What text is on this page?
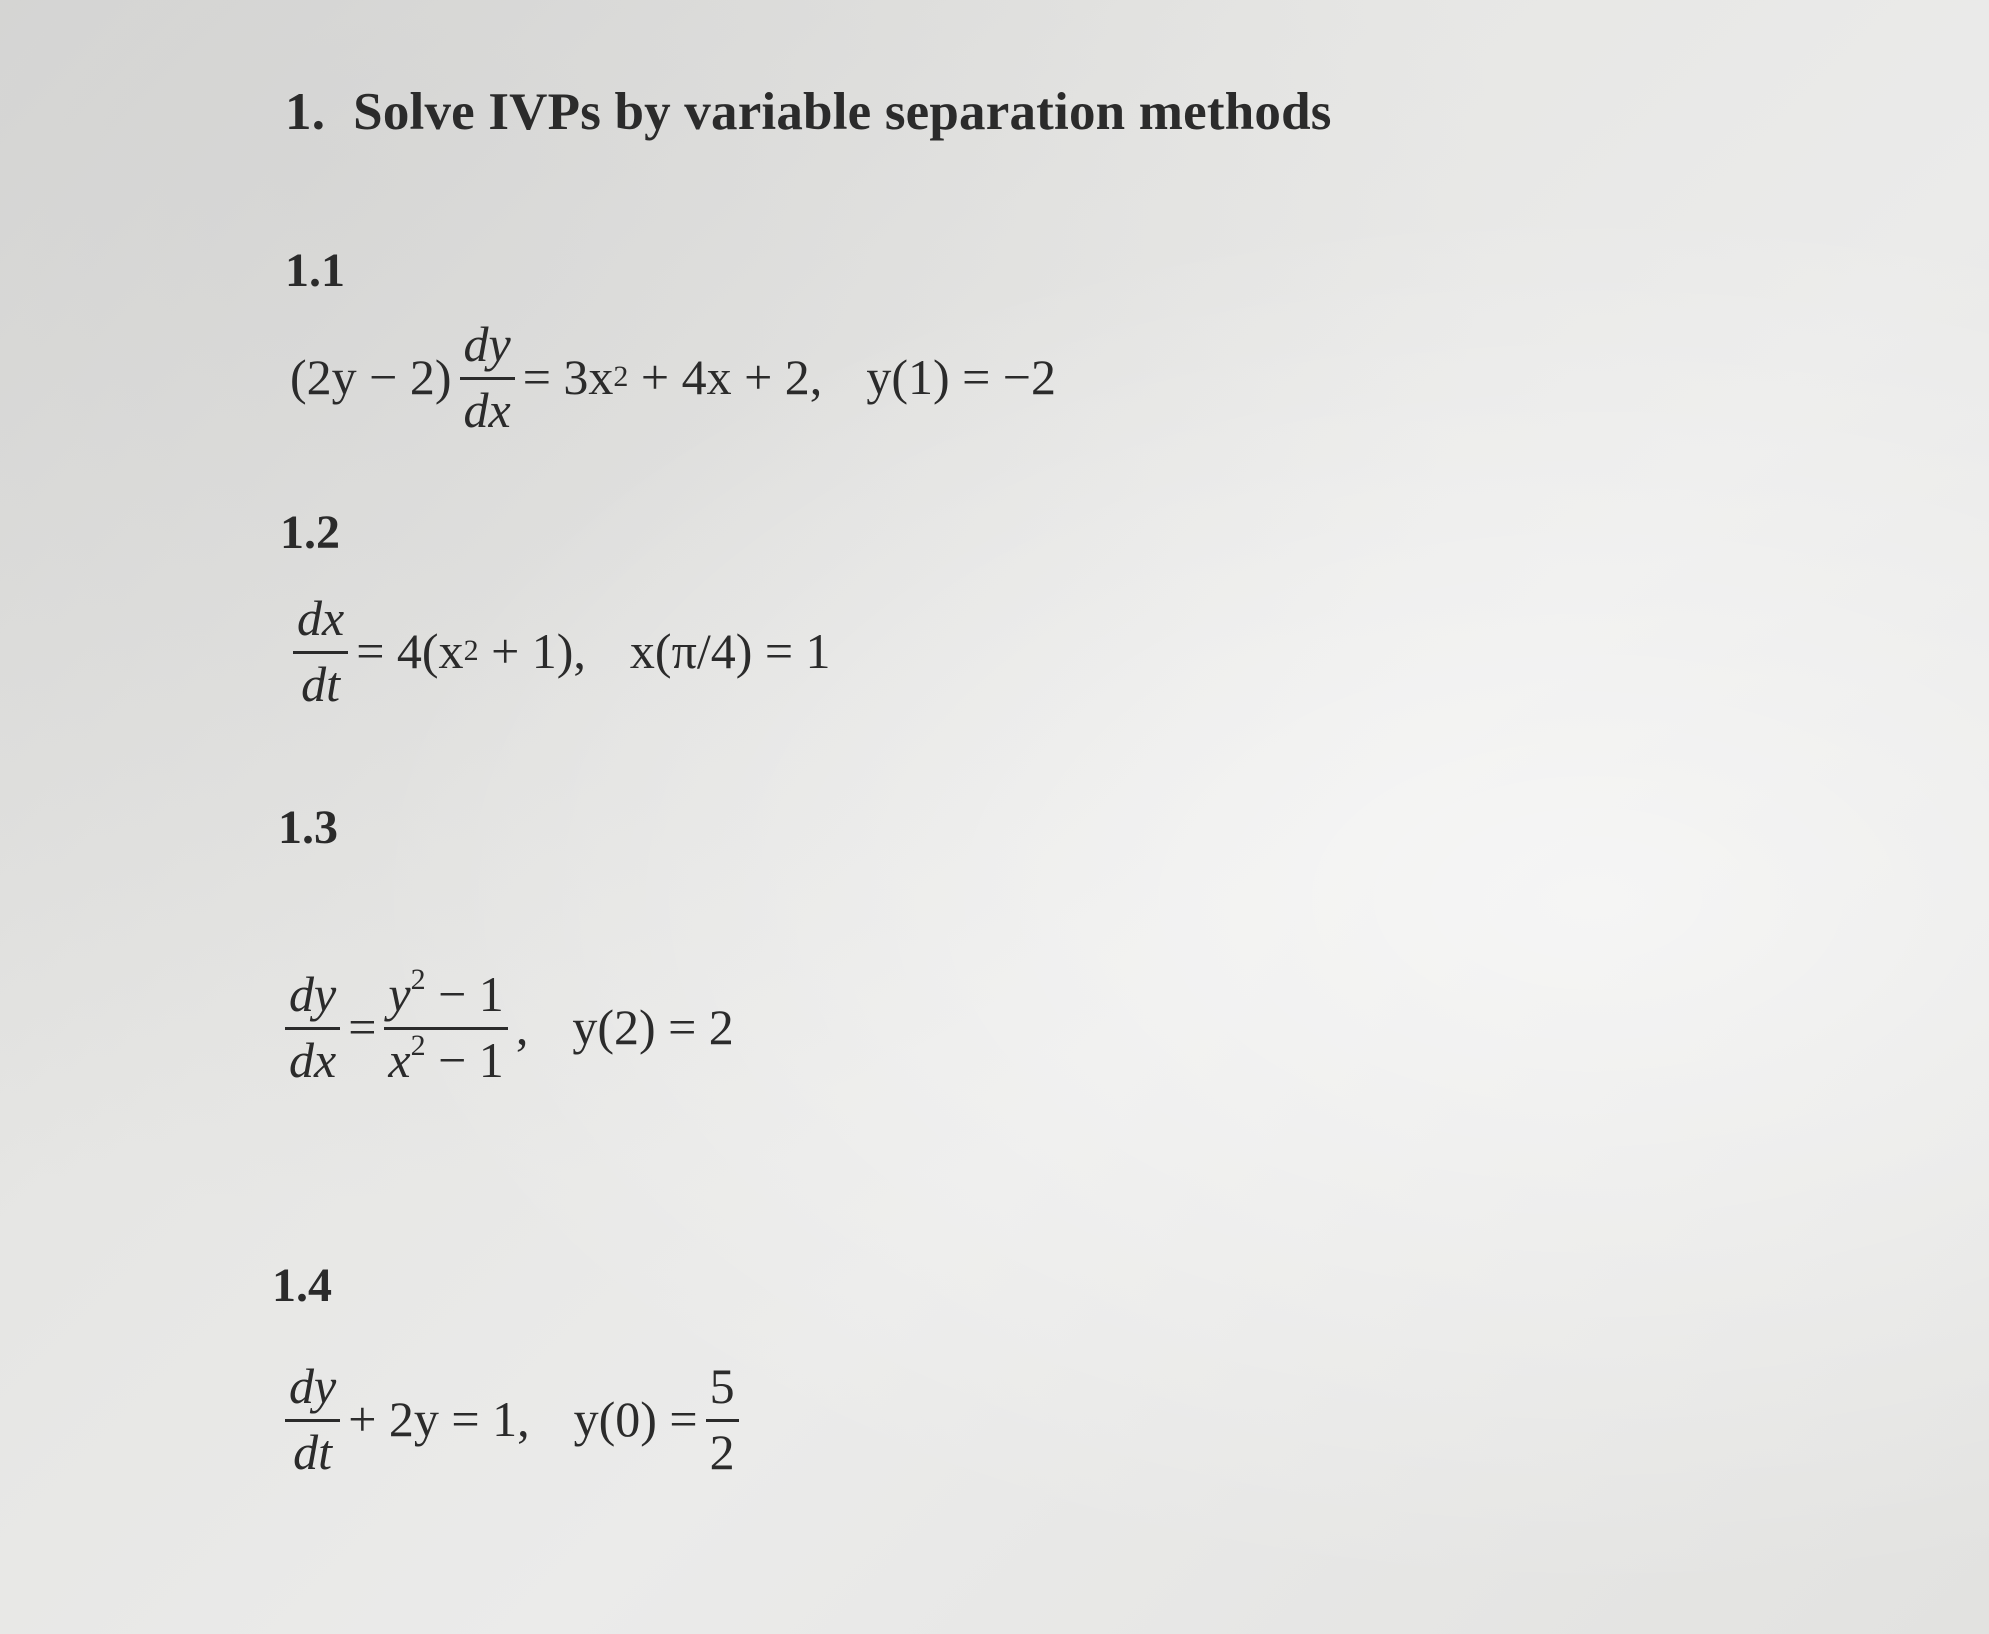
1. Solve IVPs by variable separation methods
1.1
$(2y - 2) \frac{dy}{dx} = 3x$ 2 + 4x + 2, y(1) = −2
1.2
$\frac{dx}{dt} = 4(x$ 2 + 1), x(π/4) = 1
1.3
$\frac{dy}{dx} = \frac{y^2 - 1}{x^2 - 1}$ , y(2) = 2
1.4
$\frac{dy}{dt} + 2y = 1$, $y(0) = \frac{5}{2}$
